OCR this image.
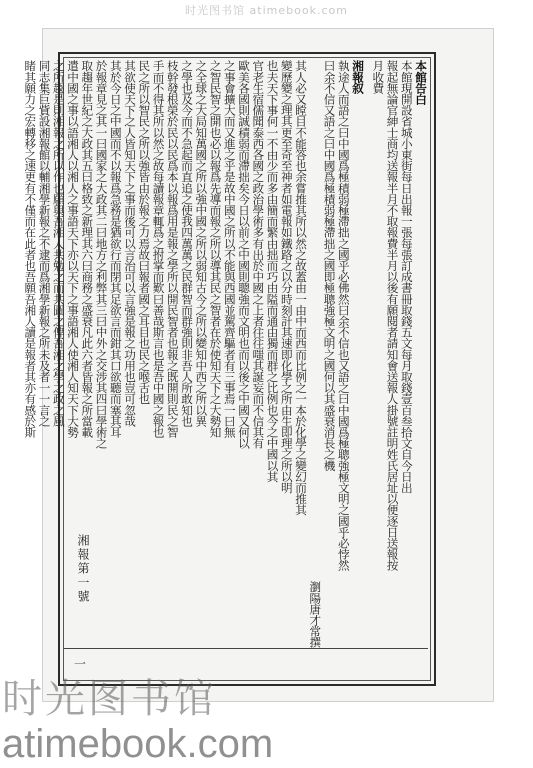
时光图书馆 atimebook.com
本館告白
本館現開設省城小東街每日出報一張每張訂成書冊取錢五文每月取錢壹百叁拾文自今日出
報起無論官紳士商均送報半月不取報費半月以後有願閱者請知會送報人掛號註明姓氏居址以便逐日送報按
月收費
湘報叙
執途人而語之曰中國爲極積弱極滯拙之國乎必佛然曰余不信也又語之曰中國爲極聰強極文明之國乎必悖然
曰余不信又語之曰中國爲極積弱極滯拙之國即極聰強極文明之國何以其盛衰消長之機
瀏陽唐才常撰
其人必又瞠目不能答也余嘗推其所以然之故蓋由一由中而西而比例之一本於化學之變幻而推其
變歷變之理其更至奇至神者如電報如鐵路之以分時刻計其速即化學之所由生即理之所以明
也夫天下事何一不由少而多由簡而繁由拙而巧由隘而通由獨而群之比例也今之中國以其
官老生宿儒聞泰西各國之政治學術多有出於中國之上者往往嗤其誕妄而不信其有
歐美各國則誠積弱而滯拙矣今日以前之中國則聰強而文明也而以後之中國又何以
之事會擴大而又進之乎是故中國之所以不能與西國並駕齊驅者有三事焉一曰無
之智民智之開也必以報爲先導而報之所以導其民之智者在於使知天下之大勢知
之全球之大局知萬國之所以強中國之所以弱知古今之所以變知中西之所以異
之學也及今而不急起而直追之使我四萬萬之民群智而群強則非吾人所敢知也
枝幹發根榮於民以民爲本以報爲用是報之學所以開民智者也報之既開則民之智
手而不得其所以然之故每讀報章輒爲之拊掌而歎曰善哉斯言也是吾中國之報也
民之所以智民之所以強皆由於報之力焉故曰報者國之耳目也民之喉舌也
其欲使天下之人皆知天下之事而後可以言治可以言強是報之功用也豈可忽哉
其於今日之中國而不以報爲急務是猶欲行而閉其足欲言而鉗其口欲聽而塞其耳
於報章見之其一曰國家之大政其二曰地方之利弊其三曰中外之交涉其四曰學術之
取趨年世紀之大政其五曰格致之新理其六曰商務之盛衰凡此六者皆報之所當載
遣中國之事以語湘人以湘人之事語天下亦以天下之事語湘人使湘人知天下大勢
之所趨是則湘報之所以作也願與吾湘人共勉之而共圖之俾吾湘之學之政之風
同志集巨貲設湘報館以輔湘學新報之不逮而爲湘學新報之所未及者一一言之
睹其願力之宏轉移之速更有不僅而在此者也吾願吾湘人讀是報者其亦有感於斯
湘報第一號
一
时光图书馆
atimebook.com
